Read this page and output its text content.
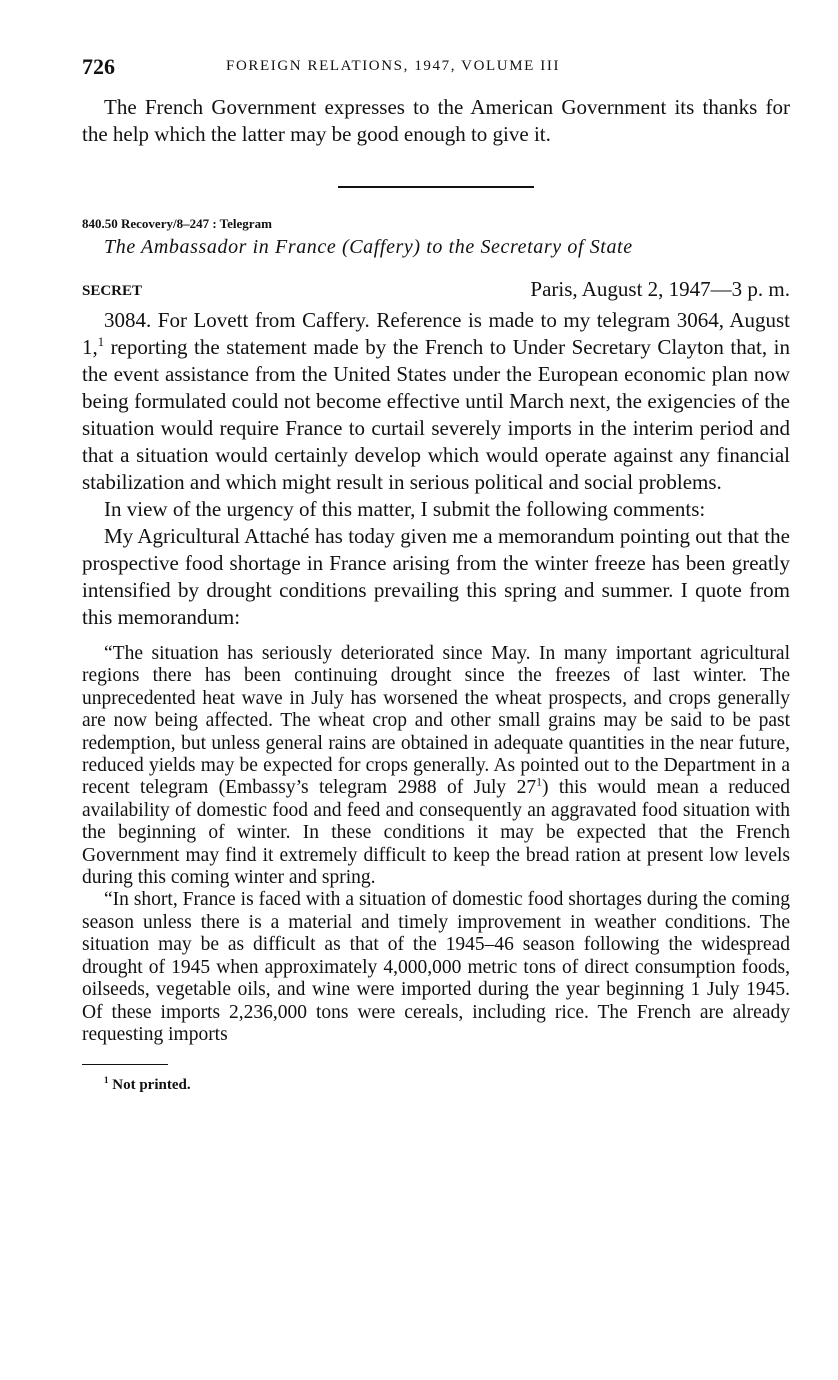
726	FOREIGN RELATIONS, 1947, VOLUME III

The French Government expresses to the American Government its thanks for the help which the latter may be good enough to give it.

840.50 Recovery/8–247 : Telegram

The Ambassador in France (Caffery) to the Secretary of State

SECRET	Paris, August 2, 1947—3 p. m.

3084. For Lovett from Caffery. Reference is made to my telegram 3064, August 1,$^1$ reporting the statement made by the French to Under Secretary Clayton that, in the event assistance from the United States under the European economic plan now being formulated could not become effective until March next, the exigencies of the situation would require France to curtail severely imports in the interim period and that a situation would certainly develop which would operate against any financial stabilization and which might result in serious political and social problems.

In view of the urgency of this matter, I submit the following comments:

My Agricultural Attaché has today given me a memorandum pointing out that the prospective food shortage in France arising from the winter freeze has been greatly intensified by drought conditions prevailing this spring and summer. I quote from this memorandum:

“The situation has seriously deteriorated since May. In many important agricultural regions there has been continuing drought since the freezes of last winter. The unprecedented heat wave in July has worsened the wheat prospects, and crops generally are now being affected. The wheat crop and other small grains may be said to be past redemption, but unless general rains are obtained in adequate quantities in the near future, reduced yields may be expected for crops generally. As pointed out to the Department in a recent telegram (Embassy’s telegram 2988 of July $27^1$) this would mean a reduced availability of domestic food and feed and consequently an aggravated food situation with the beginning of winter. In these conditions it may be expected that the French Government may find it extremely difficult to keep the bread ration at present low levels during this coming winter and spring.

“In short, France is faced with a situation of domestic food shortages during the coming season unless there is a material and timely improvement in weather conditions. The situation may be as difficult as that of the 1945–46 season following the widespread drought of 1945 when approximately 4,000,000 metric tons of direct consumption foods, oilseeds, vegetable oils, and wine were imported during the year beginning 1 July 1945. Of these imports 2,236,000 tons were cereals, including rice. The French are already requesting imports

$^1$ Not printed.
